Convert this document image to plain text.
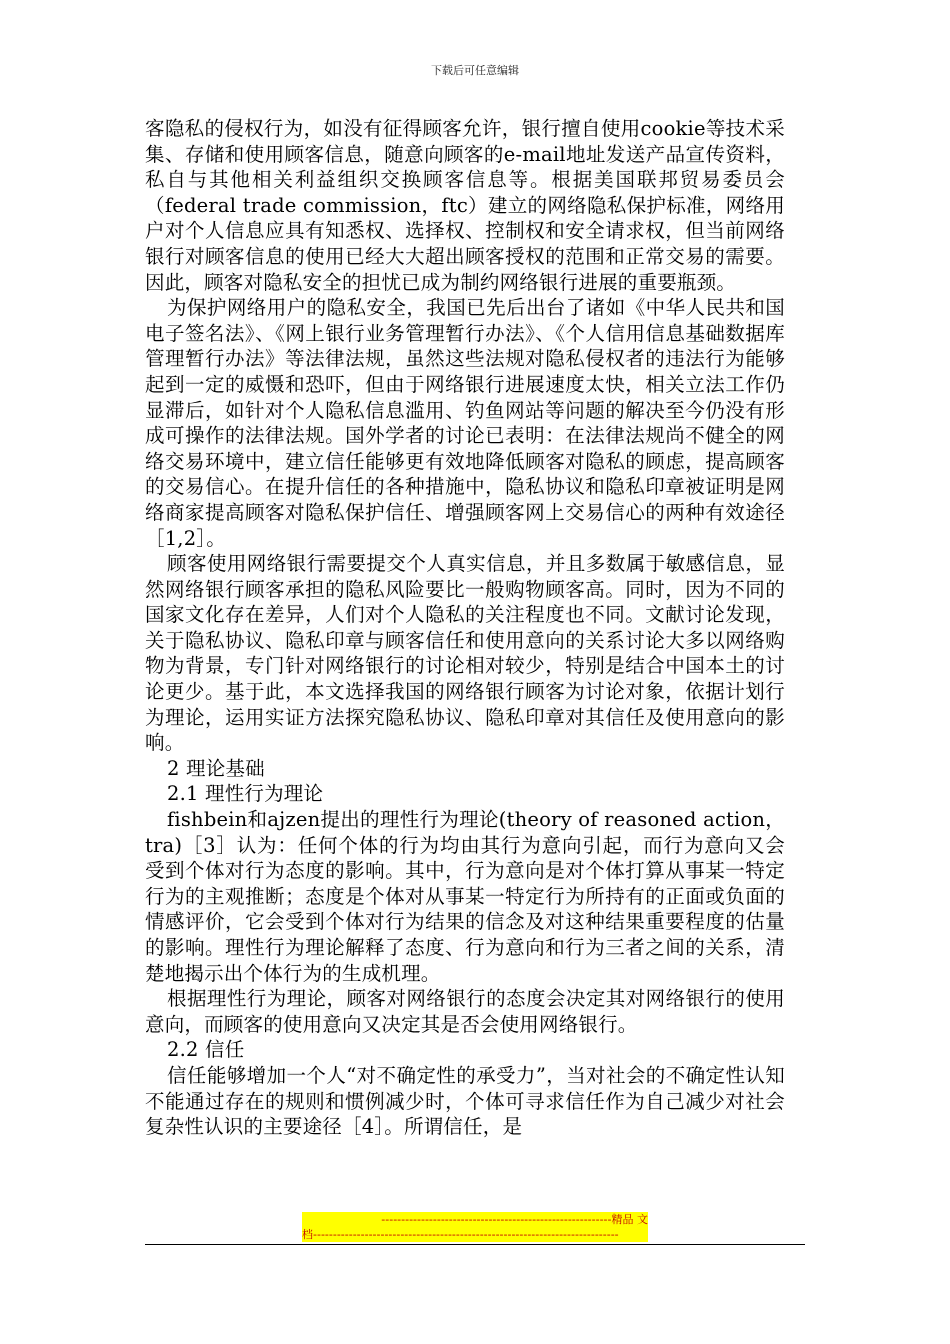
下载后可任意编辑

客隐私的侵权行为，如没有征得顾客允许，银行擅自使用cookie等技术采集、存储和使用顾客信息，随意向顾客的e-mail地址发送产品宣传资料，私自与其他相关利益组织交换顾客信息等。根据美国联邦贸易委员会（federal trade commission，ftc）建立的网络隐私保护标准，网络用户对个人信息应具有知悉权、选择权、控制权和安全请求权，但当前网络银行对顾客信息的使用已经大大超出顾客授权的范围和正常交易的需要。因此，顾客对隐私安全的担忧已成为制约网络银行进展的重要瓶颈。

为保护网络用户的隐私安全，我国已先后出台了诸如《中华人民共和国电子签名法》、《网上银行业务管理暂行办法》、《个人信用信息基础数据库管理暂行办法》等法律法规，虽然这些法规对隐私侵权者的违法行为能够起到一定的威慑和恐吓，但由于网络银行进展速度太快，相关立法工作仍显滞后，如针对个人隐私信息滥用、钓鱼网站等问题的解决至今仍没有形成可操作的法律法规。国外学者的讨论已表明：在法律法规尚不健全的网络交易环境中，建立信任能够更有效地降低顾客对隐私的顾虑，提高顾客的交易信心。在提升信任的各种措施中，隐私协议和隐私印章被证明是网络商家提高顾客对隐私保护信任、增强顾客网上交易信心的两种有效途径［1,2］。

顾客使用网络银行需要提交个人真实信息，并且多数属于敏感信息，显然网络银行顾客承担的隐私风险要比一般购物顾客高。同时，因为不同的国家文化存在差异，人们对个人隐私的关注程度也不同。文献讨论发现，关于隐私协议、隐私印章与顾客信任和使用意向的关系讨论大多以网络购物为背景，专门针对网络银行的讨论相对较少，特别是结合中国本土的讨论更少。基于此，本文选择我国的网络银行顾客为讨论对象，依据计划行为理论，运用实证方法探究隐私协议、隐私印章对其信任及使用意向的影响。

2 理论基础

2.1 理性行为理论

fishbein和ajzen提出的理性行为理论(theory of reasoned action，tra)［3］认为：任何个体的行为均由其行为意向引起，而行为意向又会受到个体对行为态度的影响。其中，行为意向是对个体打算从事某一特定行为的主观推断；态度是个体对从事某一特定行为所持有的正面或负面的情感评价，它会受到个体对行为结果的信念及对这种结果重要程度的估量的影响。理性行为理论解释了态度、行为意向和行为三者之间的关系，清楚地揭示出个体行为的生成机理。

根据理性行为理论，顾客对网络银行的态度会决定其对网络银行的使用意向，而顾客的使用意向又决定其是否会使用网络银行。

2.2 信任

信任能够增加一个人“对不确定性的承受力”，当对社会的不确定性认知不能通过存在的规则和惯例减少时，个体可寻求信任作为自己减少对社会复杂性认识的主要途径［4］。所谓信任，是

----------------------------------------------------------精品 文
档-----------------------------------------------------------------------------
